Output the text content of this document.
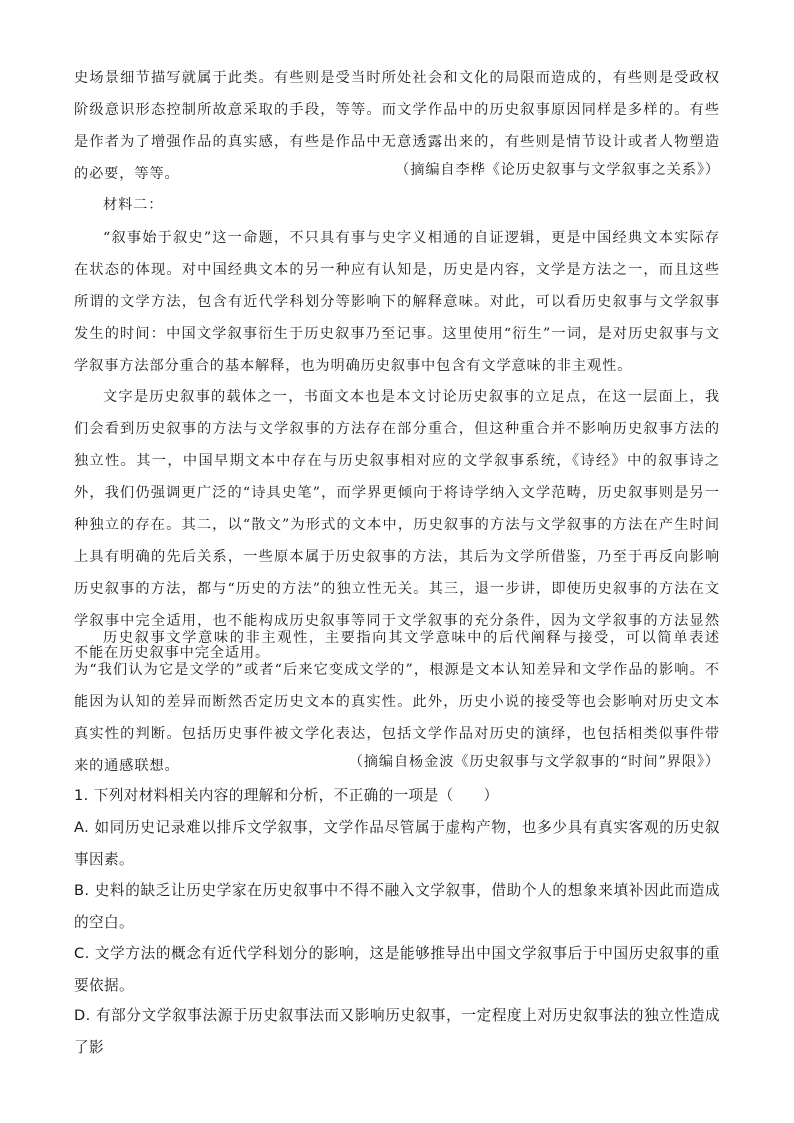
史场景细节描写就属于此类。有些则是受当时所处社会和文化的局限而造成的，有些则是受政权阶级意识形态控制所故意采取的手段，等等。而文学作品中的历史叙事原因同样是多样的。有些是作者为了增强作品的真实感，有些是作品中无意透露出来的，有些则是情节设计或者人物塑造的必要，等等。	（摘编自李桦《论历史叙事与文学叙事之关系》）

材料二：

“叙事始于叙史”这一命题，不只具有事与史字义相通的自证逻辑，更是中国经典文本实际存在状态的体现。对中国经典文本的另一种应有认知是，历史是内容，文学是方法之一，而且这些所谓的文学方法，包含有近代学科划分等影响下的解释意味。对此，可以看历史叙事与文学叙事发生的时间：中国文学叙事衍生于历史叙事乃至记事。这里使用“衍生”一词，是对历史叙事与文学叙事方法部分重合的基本解释，也为明确历史叙事中包含有文学意味的非主观性。

文字是历史叙事的载体之一，书面文本也是本文讨论历史叙事的立足点，在这一层面上，我们会看到历史叙事的方法与文学叙事的方法存在部分重合，但这种重合并不影响历史叙事方法的独立性。其一，中国早期文本中存在与历史叙事相对应的文学叙事系统，《诗经》中的叙事诗之外，我们仍强调更广泛的“诗具史笔”，而学界更倾向于将诗学纳入文学范畴，历史叙事则是另一种独立的存在。其二，以“散文”为形式的文本中，历史叙事的方法与文学叙事的方法在产生时间上具有明确的先后关系，一些原本属于历史叙事的方法，其后为文学所借鉴，乃至于再反向影响历史叙事的方法，都与“历史的方法”的独立性无关。其三，退一步讲，即使历史叙事的方法在文学叙事中完全适用，也不能构成历史叙事等同于文学叙事的充分条件，因为文学叙事的方法显然不能在历史叙事中完全适用。

历史叙事文学意味的非主观性，主要指向其文学意味中的后代阐释与接受，可以简单表述为“我们认为它是文学的”或者“后来它变成文学的”，根源是文本认知差异和文学作品的影响。不能因为认知的差异而断然否定历史文本的真实性。此外，历史小说的接受等也会影响对历史文本真实性的判断。包括历史事件被文学化表达，包括文学作品对历史的演绎，也包括相类似事件带来的通感联想。	（摘编自杨金波《历史叙事与文学叙事的“时间”界限》）

1. 下列对材料相关内容的理解和分析，不正确的一项是（　　）

A. 如同历史记录难以排斥文学叙事，文学作品尽管属于虚构产物，也多少具有真实客观的历史叙事因素。

B. 史料的缺乏让历史学家在历史叙事中不得不融入文学叙事，借助个人的想象来填补因此而造成的空白。

C. 文学方法的概念有近代学科划分的影响，这是能够推导出中国文学叙事后于中国历史叙事的重要依据。

D. 有部分文学叙事法源于历史叙事法而又影响历史叙事，一定程度上对历史叙事法的独立性造成了影
